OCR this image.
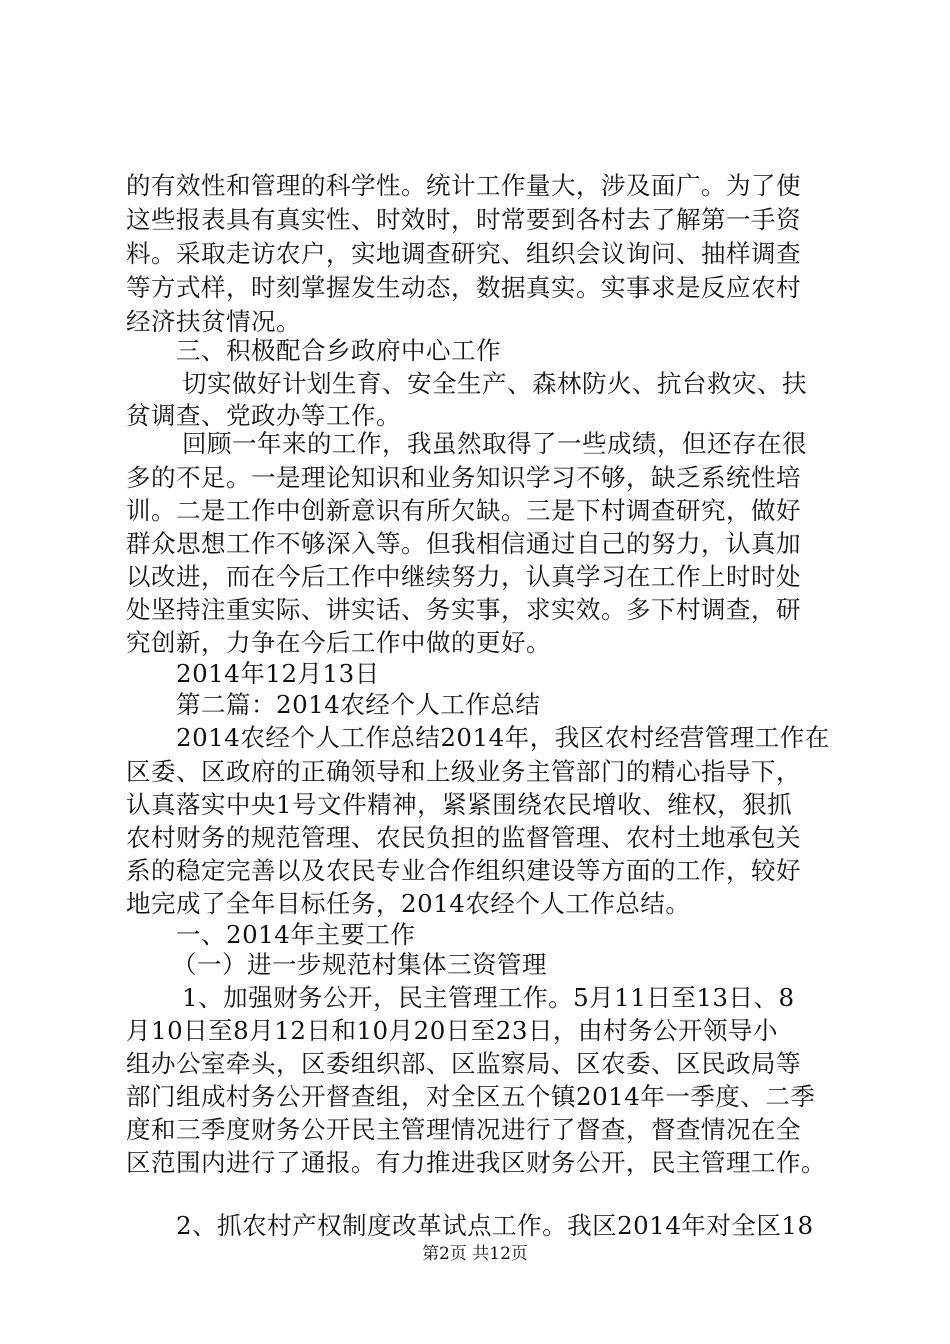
的有效性和管理的科学性。统计工作量大，涉及面广。为了使
这些报表具有真实性、时效时，时常要到各村去了解第一手资
料。采取走访农户，实地调查研究、组织会议询问、抽样调查
等方式样，时刻掌握发生动态，数据真实。实事求是反应农村
经济扶贫情况。
三、积极配合乡政府中心工作
切实做好计划生育、安全生产、森林防火、抗台救灾、扶
贫调查、党政办等工作。
回顾一年来的工作，我虽然取得了一些成绩，但还存在很
多的不足。一是理论知识和业务知识学习不够，缺乏系统性培
训。二是工作中创新意识有所欠缺。三是下村调查研究，做好
群众思想工作不够深入等。但我相信通过自己的努力，认真加
以改进，而在今后工作中继续努力，认真学习在工作上时时处
处坚持注重实际、讲实话、务实事，求实效。多下村调查，研
究创新，力争在今后工作中做的更好。
2014年12月13日
第二篇：2014农经个人工作总结
2014农经个人工作总结2014年，我区农村经营管理工作在
区委、区政府的正确领导和上级业务主管部门的精心指导下，
认真落实中央1号文件精神，紧紧围绕农民增收、维权，狠抓
农村财务的规范管理、农民负担的监督管理、农村土地承包关
系的稳定完善以及农民专业合作组织建设等方面的工作，较好
地完成了全年目标任务，2014农经个人工作总结。
一、2014年主要工作
（一）进一步规范村集体三资管理
1、加强财务公开，民主管理工作。5月11日至13日、8
月10日至8月12日和10月20日至23日，由村务公开领导小
组办公室牵头，区委组织部、区监察局、区农委、区民政局等
部门组成村务公开督查组，对全区五个镇2014年一季度、二季
度和三季度财务公开民主管理情况进行了督查，督查情况在全
区范围内进行了通报。有力推进我区财务公开，民主管理工作。
2、抓农村产权制度改革试点工作。我区2014年对全区18
第2页 共12页
